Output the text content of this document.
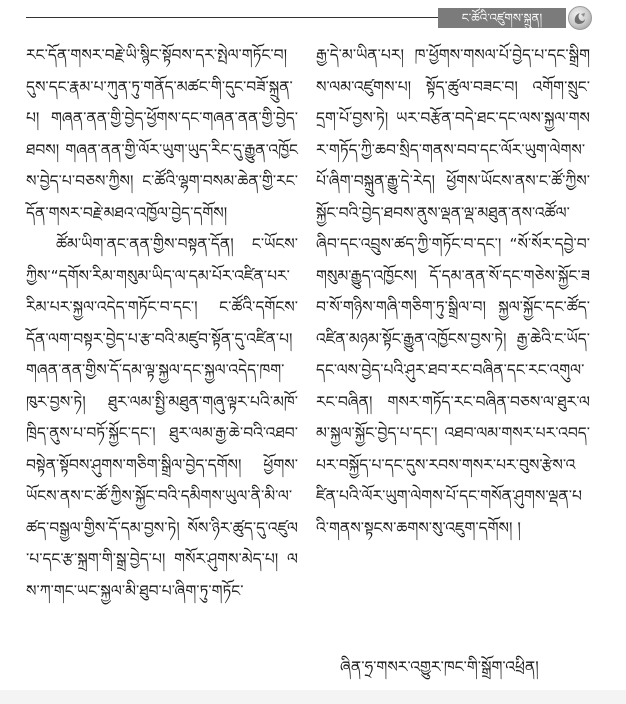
ང་ཚོའི་འཛུགས་སྐྲུན།

རང་དོན་གསར་བརྗེ་ཡི་སྙིང་སྟོབས་དར་སྤེལ་གཏོང་བ། དུས་དང་རྣམ་པ་ཀུན་ཏུ་གནོད་མཚང་གི་དུང་བཟོ་སྐྲུན་པ། གཞན་ནན་གྱི་བྱེད་ཕྱོགས་དང་གཞན་ནན་གྱི་བྱེད་ཐབས། གཞན་ནན་གྱི་ལོར་ཡུག་ཡུད་རིང་དུ་རྒྱུན་འཁྱོངས་བྱེད་པ་བཅས་ཀྱིས། ང་ཚོའི་ལྷག་བསམ་ཆེན་གྱི་རང་དོན་གསར་བརྗེ་མཐའ་འཁྱོལ་བྱེད་དགོས།

ཚོམ་ཡིག་ནང་ནན་གྱིས་བསྟན་དོན། ང་ཡོངས་ཀྱིས་“དགོས་རིམ་གསུམ་ཡིད་ལ་དམ་པོར་འཛིན་པར་རིམ་པར་སྐྱལ་འདེད་གཏོང་བ་དང་། ང་ཚོའི་དགོངས་དོན་ལག་བསྟར་བྱེད་པ་རྩ་བའི་མཛུབ་སྟོན་དུ་འཛིན་པ། གཞན་ནན་གྱིས་དོ་དམ་ལྟ་སྐྱལ་དང་སྐྱལ་འདེད་ཁག་ཁུར་བྱས་ཏེ། ཐུར་ལམ་སྤྱི་མཐུན་གཞུ་ལྟར་པའི་མཁོ་ཁྲིད་ནུས་པ་བཏོ་སྐྱོང་དང་། ཐུར་ལམ་རྒྱ་ཆེ་བའི་འཐབ་བསྟེན་སྟོབས་ཤུགས་གཅིག་སྒྲིལ་བྱེད་དགོས། ཕྱོགས་ཡོངས་ནས་ང་ཚོ་ཀྱིས་སྐྱོང་བའི་དམིགས་ཡུལ་ནི་མི་ལ་ཚད་བསྒྱལ་གྱིས་དོ་དམ་བྱས་ཏེ། སོས་ཉིར་ཚུད་དུ་འཛུལ་པ་དང་རྩ་སྐྲག་གི་སྒྲ་བྱེད་པ། གསོར་ཤུགས་མེད་པ། ལས་ཀ་གང་ཡང་སྐྱལ་མི་ཐུབ་པ་ཞིག་ཏུ་གཏོང་

རྒྱ་དེ་མ་ཡིན་པར། ཁ་ཕྱོགས་གསལ་པོ་བྱེད་པ་དང་སྒྲིགས་ལམ་འཛུགས་པ། སྟོད་ཚུལ་བཟང་བ། འགོག་སྲུང་དྲག་པོ་བྱས་ཏེ། ཡར་བརྩོན་བདེ་ཐང་དང་ལས་སྐྱལ་གསར་གཏོད་ཀྱི་ཆབ་སྲིད་གནས་བབ་དང་ལོར་ཡུག་ལེགས་པོ་ཞིག་བསྐྲུན་རྒྱུ་དེ་རེད། ཕྱོགས་ཡོངས་ནས་ང་ཚོ་ཀྱིས་སྐྱོང་བའི་བྱེད་ཐབས་ནུས་ལྡན་ལྡ་མཐུན་ནས་འཚོལ་ཞིབ་དང་འབྲུས་ཚད་ཀྱི་གཏོང་བ་དང་། “སོ་སོར་དབྱེ་བ་གསུམ་རྒྱུད་འཁྱོངས། དོ་དམ་ནན་སོ་དང་གཅེས་སྐྱོང་ཟབ་སོ་གཉིས་གཞི་གཅིག་ཏུ་སྒྲིལ་བ། སྐྱལ་སྐྱོང་དང་ཚོད་འཛིན་མཉམ་སྟོང་རྒྱུན་འཁྱོངས་བྱས་ཏེ། རྒྱ་ཆེའི་ང་ཡོད་དང་ལས་བྱེད་པའི་ཤུར་ཐབ་རང་བཞིན་དང་རང་འགུལ་རང་བཞིན། གསར་གཏོད་རང་བཞིན་བཅས་ལ་ཐུར་ལམ་སྐྱལ་སྐྱོང་བྱེད་པ་དང་། འཐབ་ལམ་གསར་པར་འབད་པར་བསྐྱོད་པ་དང་དུས་རབས་གསར་པར་བུས་རྩེས་འཛིན་པའི་ལོར་ཡུག་ལེགས་པོ་དང་གསོན་ཤུགས་ལྡན་པའི་གནས་སྟངས་ཆགས་སུ་འཇུག་དགོས། །

ཞིན་ཧྲ་གསར་འགྱུར་ཁང་གི་སྒྲོག་འཕྲིན།
